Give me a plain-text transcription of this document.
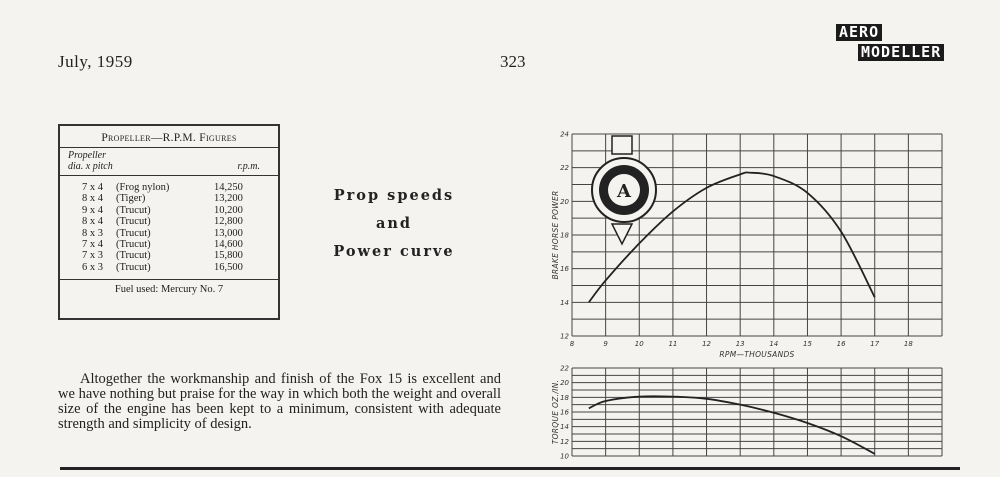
July, 1959	323
AERO
MODELLER
Propeller—R.P.M. Figures
Propeller
dia. x pitch	r.p.m.
7 x 4	(Frog nylon)	14,250
8 x 4	(Tiger)	13,200
9 x 4	(Trucut)	10,200
8 x 4	(Trucut)	12,800
8 x 3	(Trucut)	13,000
7 x 4	(Trucut)	14,600
7 x 3	(Trucut)	15,800
6 x 3	(Trucut)	16,500
Fuel used: Mercury No. 7
Prop speeds
and
Power curve
Altogether the workmanship and finish of the Fox 15 is excellent and we have nothing but praise for the way in which both the weight and overall size of the engine has been kept to a minimum, consistent with adequate strength and simplicity of design.
12
14
16
18
20
22
24
8	9	10	11	12	13	14	15	16	17	18
RPM—THOUSANDS
BRAKE HORSE POWER
10
12
14
16
18
20
22
TORQUE OZ./IN.
A
